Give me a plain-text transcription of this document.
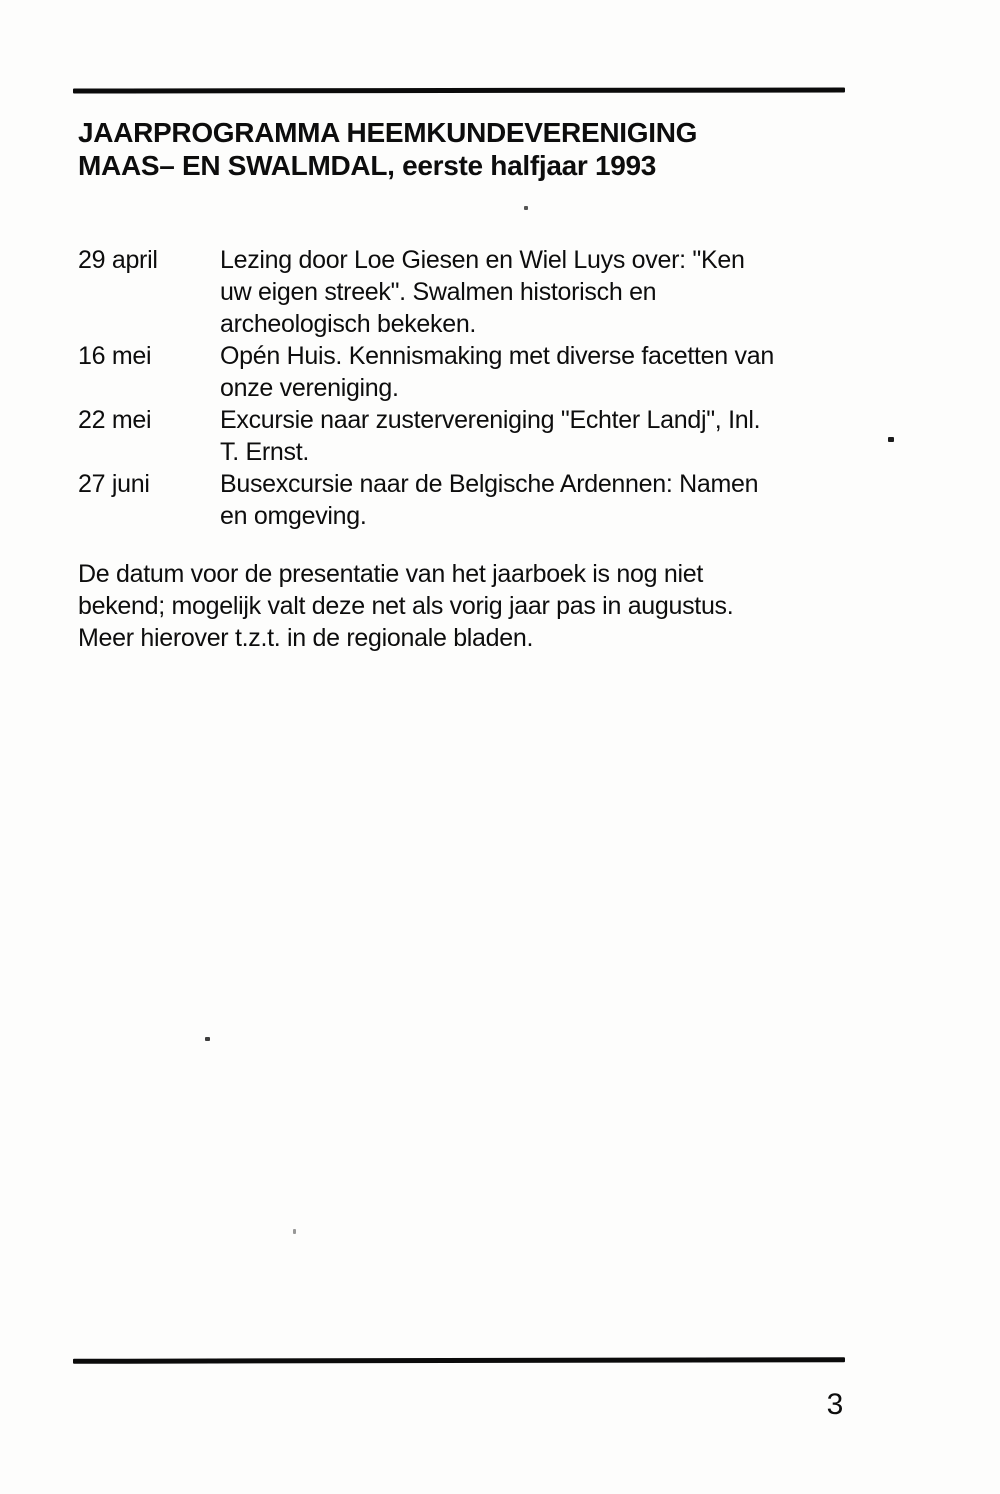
JAARPROGRAMMA HEEMKUNDEVERENIGING
MAAS– EN SWALMDAL, eerste halfjaar 1993
29 april	Lezing door Loe Giesen en Wiel Luys over: "Ken
uw eigen streek". Swalmen historisch en
archeologisch bekeken.
16 mei	Opén Huis. Kennismaking met diverse facetten van
onze vereniging.
22 mei	Excursie naar zustervereniging "Echter Landj", Inl.
T. Ernst.
27 juni	Busexcursie naar de Belgische Ardennen: Namen
en omgeving.
De datum voor de presentatie van het jaarboek is nog niet
bekend; mogelijk valt deze net als vorig jaar pas in augustus.
Meer hierover t.z.t. in de regionale bladen.
3
